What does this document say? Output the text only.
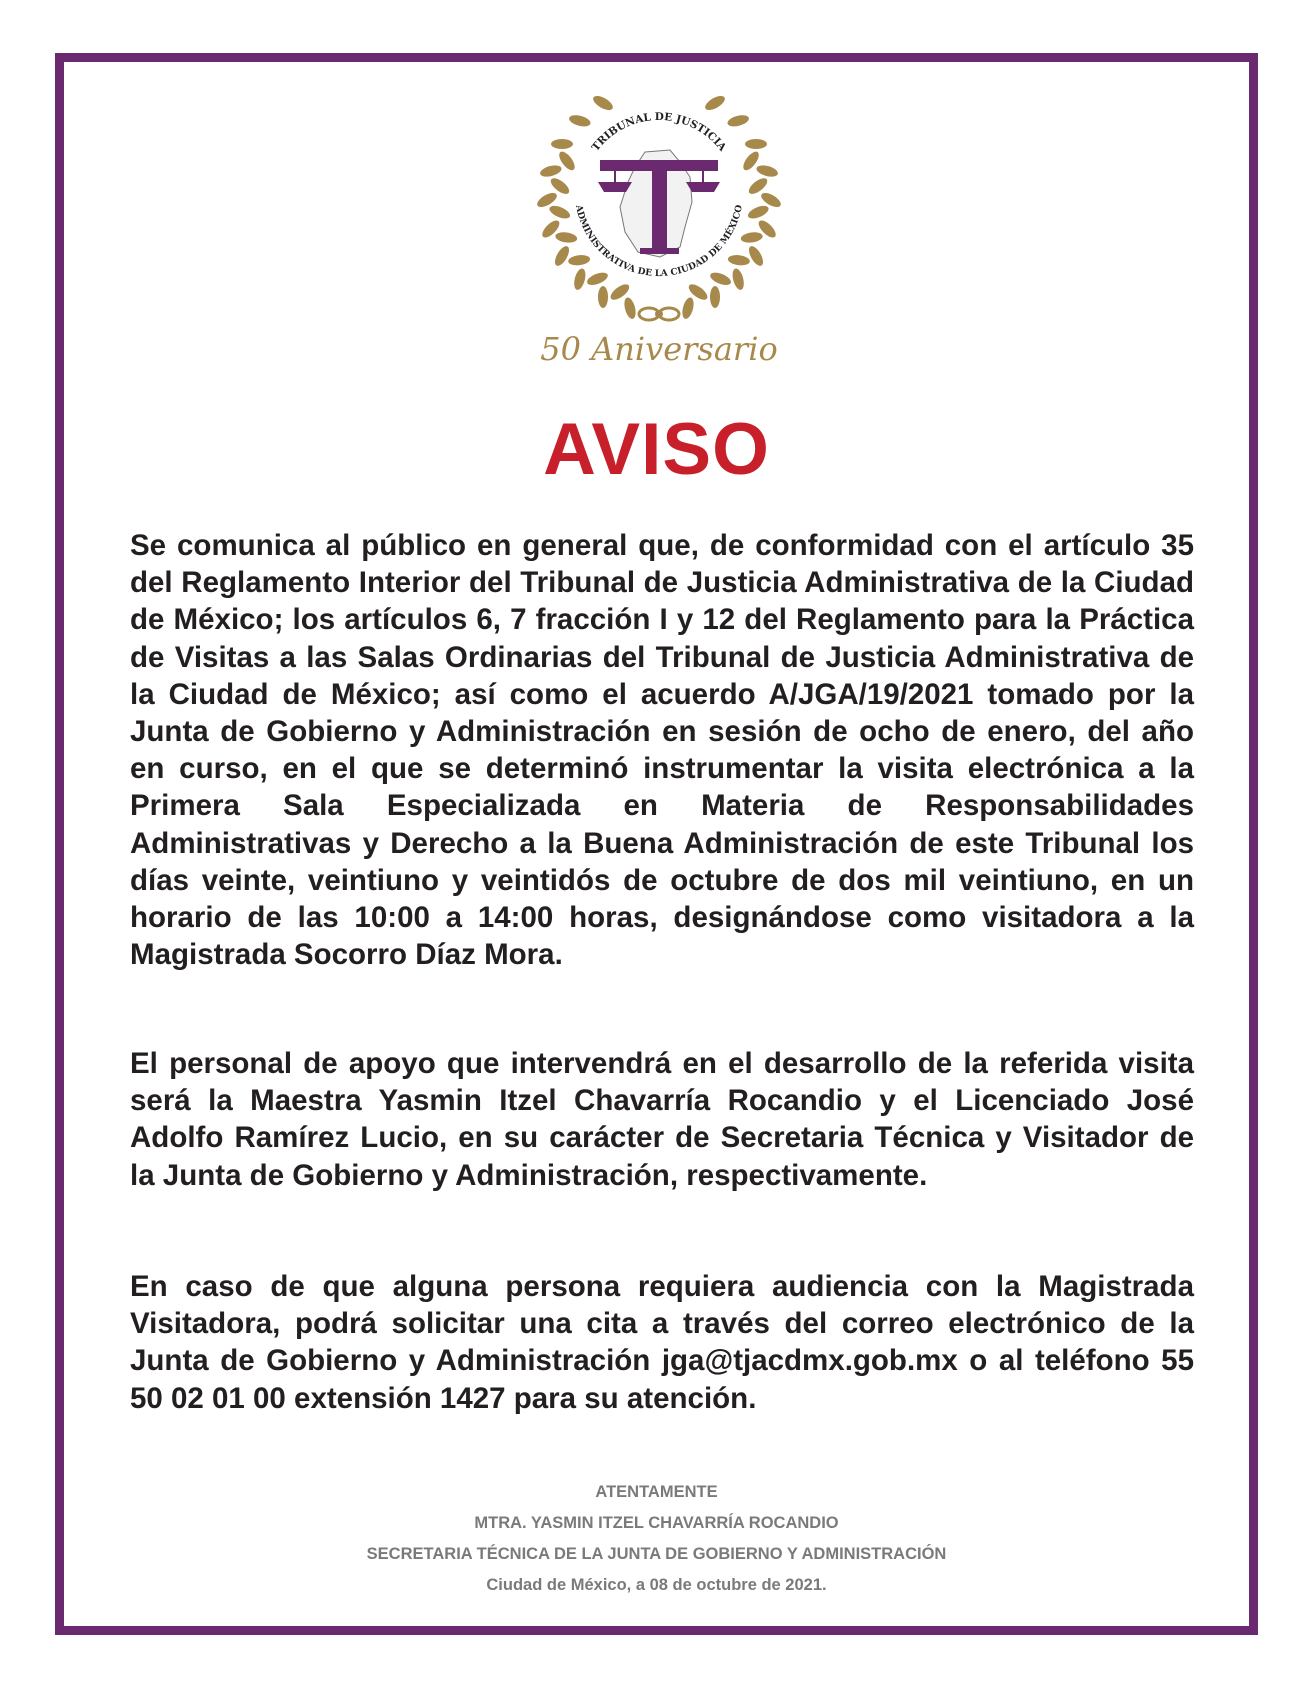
TRIBUNAL DE JUSTICIA
ADMINISTRATIVA DE LA CIUDAD DE MÉXICO
50 Aniversario
AVISO

Se comunica al público en general que, de conformidad con el artículo 35 del Reglamento Interior del Tribunal de Justicia Administrativa de la Ciudad de México; los artículos 6, 7 fracción I y 12 del Reglamento para la Práctica de Visitas a las Salas Ordinarias del Tribunal de Justicia Administrativa de la Ciudad de México; así como el acuerdo A/JGA/19/2021 tomado por la Junta de Gobierno y Administración en sesión de ocho de enero, del año en curso, en el que se determinó instrumentar la visita electrónica a la Primera Sala Especializada en Materia de Responsabilidades Administrativas y Derecho a la Buena Administración de este Tribunal los días veinte, veintiuno y veintidós de octubre de dos mil veintiuno, en un horario de las 10:00 a 14:00 horas, designándose como visitadora a la Magistrada Socorro Díaz Mora.

El personal de apoyo que intervendrá en el desarrollo de la referida visita será la Maestra Yasmin Itzel Chavarría Rocandio y el Licenciado José Adolfo Ramírez Lucio, en su carácter de Secretaria Técnica y Visitador de la Junta de Gobierno y Administración, respectivamente.

En caso de que alguna persona requiera audiencia con la Magistrada Visitadora, podrá solicitar una cita a través del correo electrónico de la Junta de Gobierno y Administración jga@tjacdmx.gob.mx o al teléfono 55 50 02 01 00 extensión 1427 para su atención.

ATENTAMENTE
MTRA. YASMIN ITZEL CHAVARRÍA ROCANDIO
SECRETARIA TÉCNICA DE LA JUNTA DE GOBIERNO Y ADMINISTRACIÓN
Ciudad de México, a 08 de octubre de 2021.
